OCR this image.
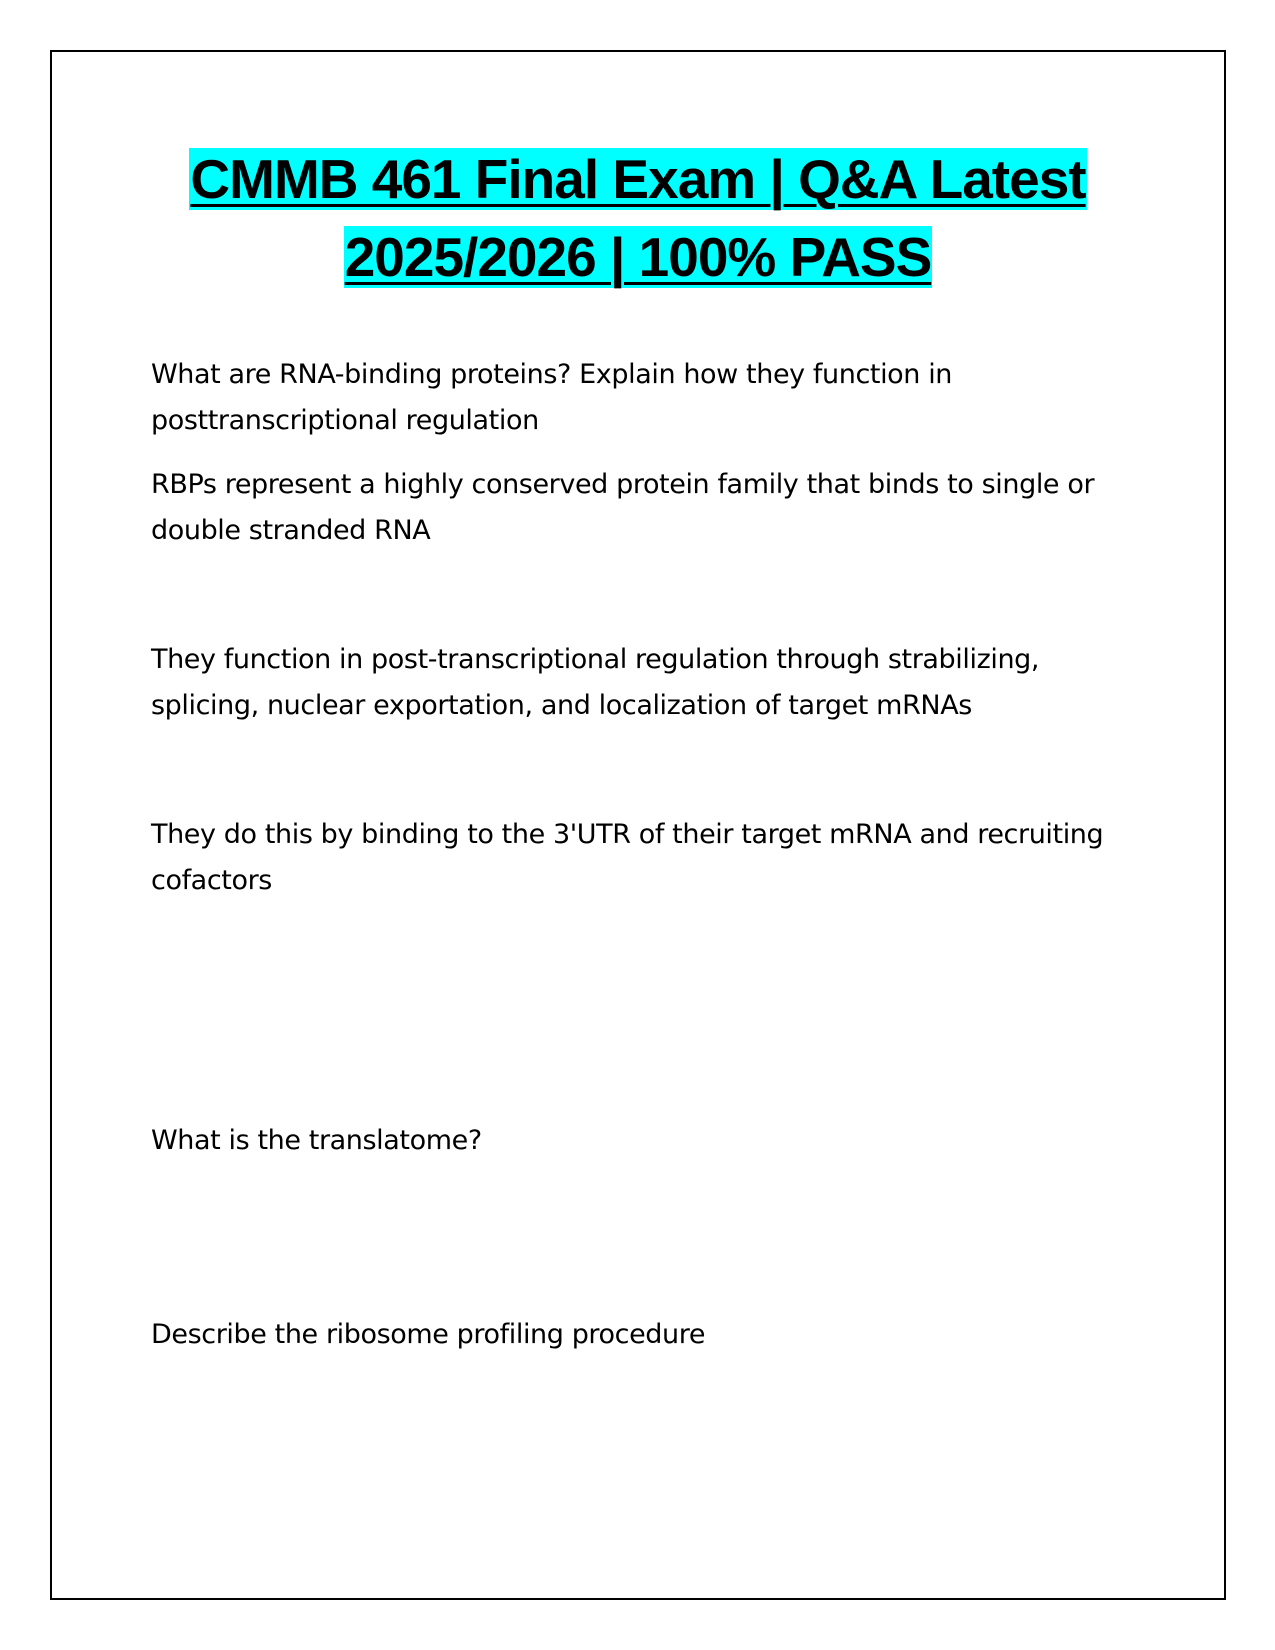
CMMB 461 Final Exam | Q&A Latest
2025/2026 | 100% PASS

What are RNA-binding proteins? Explain how they function in posttranscriptional regulation

RBPs represent a highly conserved protein family that binds to single or double stranded RNA

They function in post-transcriptional regulation through strabilizing, splicing, nuclear exportation, and localization of target mRNAs

They do this by binding to the 3'UTR of their target mRNA and recruiting cofactors

What is the translatome?

Describe the ribosome profiling procedure
